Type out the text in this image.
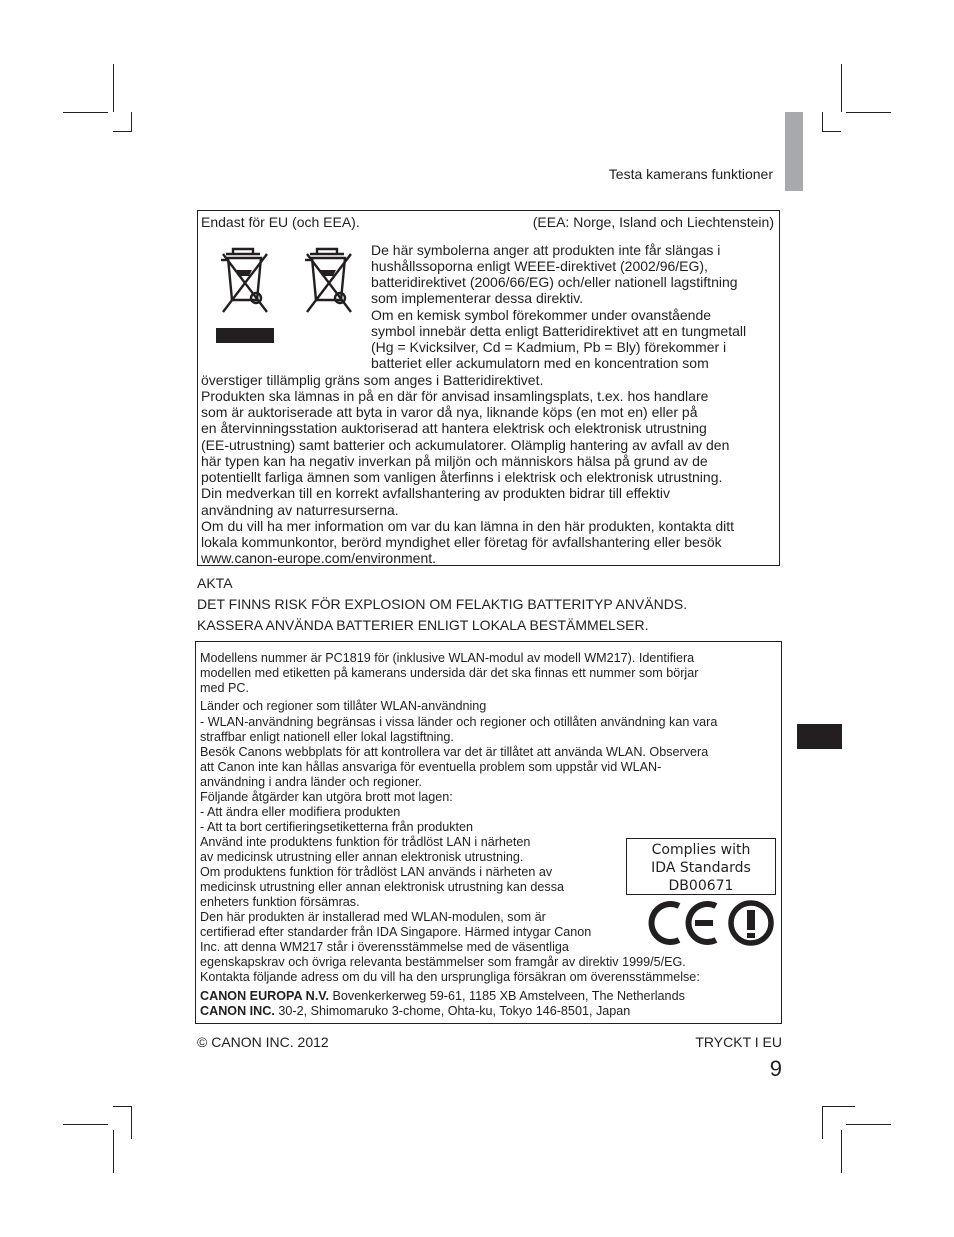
Testa kamerans funktioner
Endast för EU (och EEA).	(EEA: Norge, Island och Liechtenstein)
De här symbolerna anger att produkten inte får slängas i
hushållssoporna enligt WEEE-direktivet (2002/96/EG),
batteridirektivet (2006/66/EG) och/eller nationell lagstiftning
som implementerar dessa direktiv.
Om en kemisk symbol förekommer under ovanstående
symbol innebär detta enligt Batteridirektivet att en tungmetall
(Hg = Kvicksilver, Cd = Kadmium, Pb = Bly) förekommer i
batteriet eller ackumulatorn med en koncentration som
överstiger tillämplig gräns som anges i Batteridirektivet.
Produkten ska lämnas in på en där för anvisad insamlingsplats, t.ex. hos handlare
som är auktoriserade att byta in varor då nya, liknande köps (en mot en) eller på
en återvinningsstation auktoriserad att hantera elektrisk och elektronisk utrustning
(EE-utrustning) samt batterier och ackumulatorer. Olämplig hantering av avfall av den
här typen kan ha negativ inverkan på miljön och människors hälsa på grund av de
potentiellt farliga ämnen som vanligen återfinns i elektrisk och elektronisk utrustning.
Din medverkan till en korrekt avfallshantering av produkten bidrar till effektiv
användning av naturresurserna.
Om du vill ha mer information om var du kan lämna in den här produkten, kontakta ditt
lokala kommunkontor, berörd myndighet eller företag för avfallshantering eller besök
www.canon-europe.com/environment.
AKTA
DET FINNS RISK FÖR EXPLOSION OM FELAKTIG BATTERITYP ANVÄNDS.
KASSERA ANVÄNDA BATTERIER ENLIGT LOKALA BESTÄMMELSER.
Modellens nummer är PC1819 för (inklusive WLAN-modul av modell WM217). Identifiera
modellen med etiketten på kamerans undersida där det ska finnas ett nummer som börjar
med PC.
Länder och regioner som tillåter WLAN-användning
- WLAN-användning begränsas i vissa länder och regioner och otillåten användning kan vara
straffbar enligt nationell eller lokal lagstiftning.
Besök Canons webbplats för att kontrollera var det är tillåtet att använda WLAN. Observera
att Canon inte kan hållas ansvariga för eventuella problem som uppstår vid WLAN-
användning i andra länder och regioner.
Följande åtgärder kan utgöra brott mot lagen:
- Att ändra eller modifiera produkten
- Att ta bort certifieringsetiketterna från produkten
Använd inte produktens funktion för trådlöst LAN i närheten
av medicinsk utrustning eller annan elektronisk utrustning.
Om produktens funktion för trådlöst LAN används i närheten av
medicinsk utrustning eller annan elektronisk utrustning kan dessa
enheters funktion försämras.
Den här produkten är installerad med WLAN-modulen, som är
certifierad efter standarder från IDA Singapore. Härmed intygar Canon
Inc. att denna WM217 står i överensstämmelse med de väsentliga
egenskapskrav och övriga relevanta bestämmelser som framgår av direktiv 1999/5/EG.
Kontakta följande adress om du vill ha den ursprungliga försäkran om överensstämmelse:
CANON EUROPA N.V. Bovenkerkerweg 59-61, 1185 XB Amstelveen, The Netherlands
CANON INC. 30-2, Shimomaruko 3-chome, Ohta-ku, Tokyo 146-8501, Japan
Complies with
IDA Standards
DB00671
© CANON INC. 2012	TRYCKT I EU
9
